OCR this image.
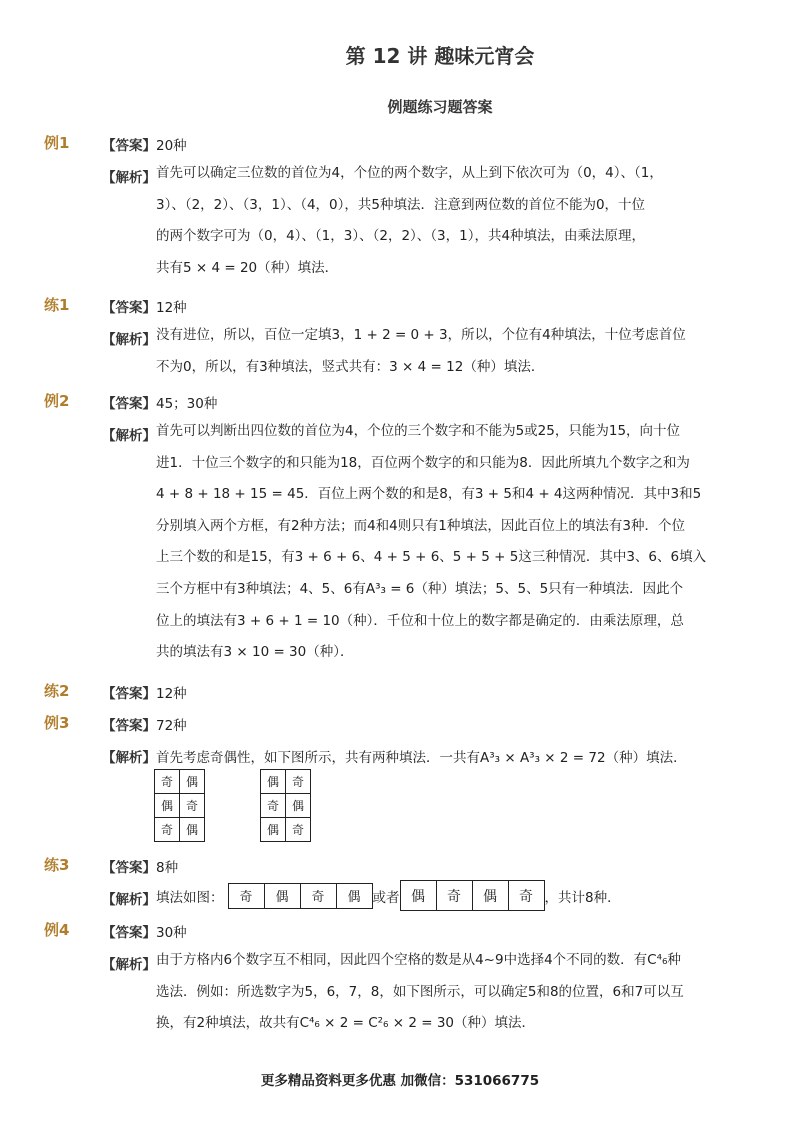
第 12 讲 趣味元宵会
例题练习题答案
例1 【答案】 20种
【解析】 首先可以确定三位数的首位为4，个位的两个数字，从上到下依次可为（0，4）、（1，

3）、（2，2）、（3，1）、（4，0），共5种填法．注意到两位数的首位不能为0，十位

的两个数字可为（0，4）、（1，3）、（2，2）、（3，1），共4种填法，由乘法原理，

共有5 × 4 = 20（种）填法．

练1 【答案】 12种
【解析】 没有进位，所以，百位一定填3，1 + 2 = 0 + 3，所以，个位有4种填法，十位考虑首位

不为0，所以，有3种填法，竖式共有：3 × 4 = 12（种）填法．

例2 【答案】 45；30种
【解析】 首先可以判断出四位数的首位为4，个位的三个数字和不能为5或25，只能为15，向十位

进1．十位三个数字的和只能为18，百位两个数字的和只能为8．因此所填九个数字之和为

4 + 8 + 18 + 15 = 45．百位上两个数的和是8，有3 + 5和4 + 4这两种情况．其中3和5

分别填入两个方框，有2种方法；而4和4则只有1种填法，因此百位上的填法有3种．个位

上三个数的和是15，有3 + 6 + 6、4 + 5 + 6、5 + 5 + 5这三种情况．其中3、6、6填入

三个方框中有3种填法；4、5、6有A³₃ = 6（种）填法；5、5、5只有一种填法．因此个

位上的填法有3 + 6 + 1 = 10（种）．千位和十位上的数字都是确定的．由乘法原理，总

共的填法有3 × 10 = 30（种）．

练2 【答案】 12种
例3 【答案】 72种
【解析】 首先考虑奇偶性，如下图所示，共有两种填法．一共有A³₃ × A³₃ × 2 = 72（种）填法．
奇	偶
偶	奇
奇	偶
偶	奇
奇	偶
偶	奇
练3 【答案】 8种
【解析】 填法如图： 奇	偶	奇	偶 或者 偶	奇	偶	奇 ，共计8种．
例4 【答案】 30种
【解析】 由于方格内6个数字互不相同，因此四个空格的数是从4~9中选择4个不同的数．有C⁴₆种

选法．例如：所选数字为5，6，7，8，如下图所示，可以确定5和8的位置，6和7可以互

换，有2种填法，故共有C⁴₆ × 2 = C²₆ × 2 = 30（种）填法．

更多精品资料更多优惠 加微信：531066775
